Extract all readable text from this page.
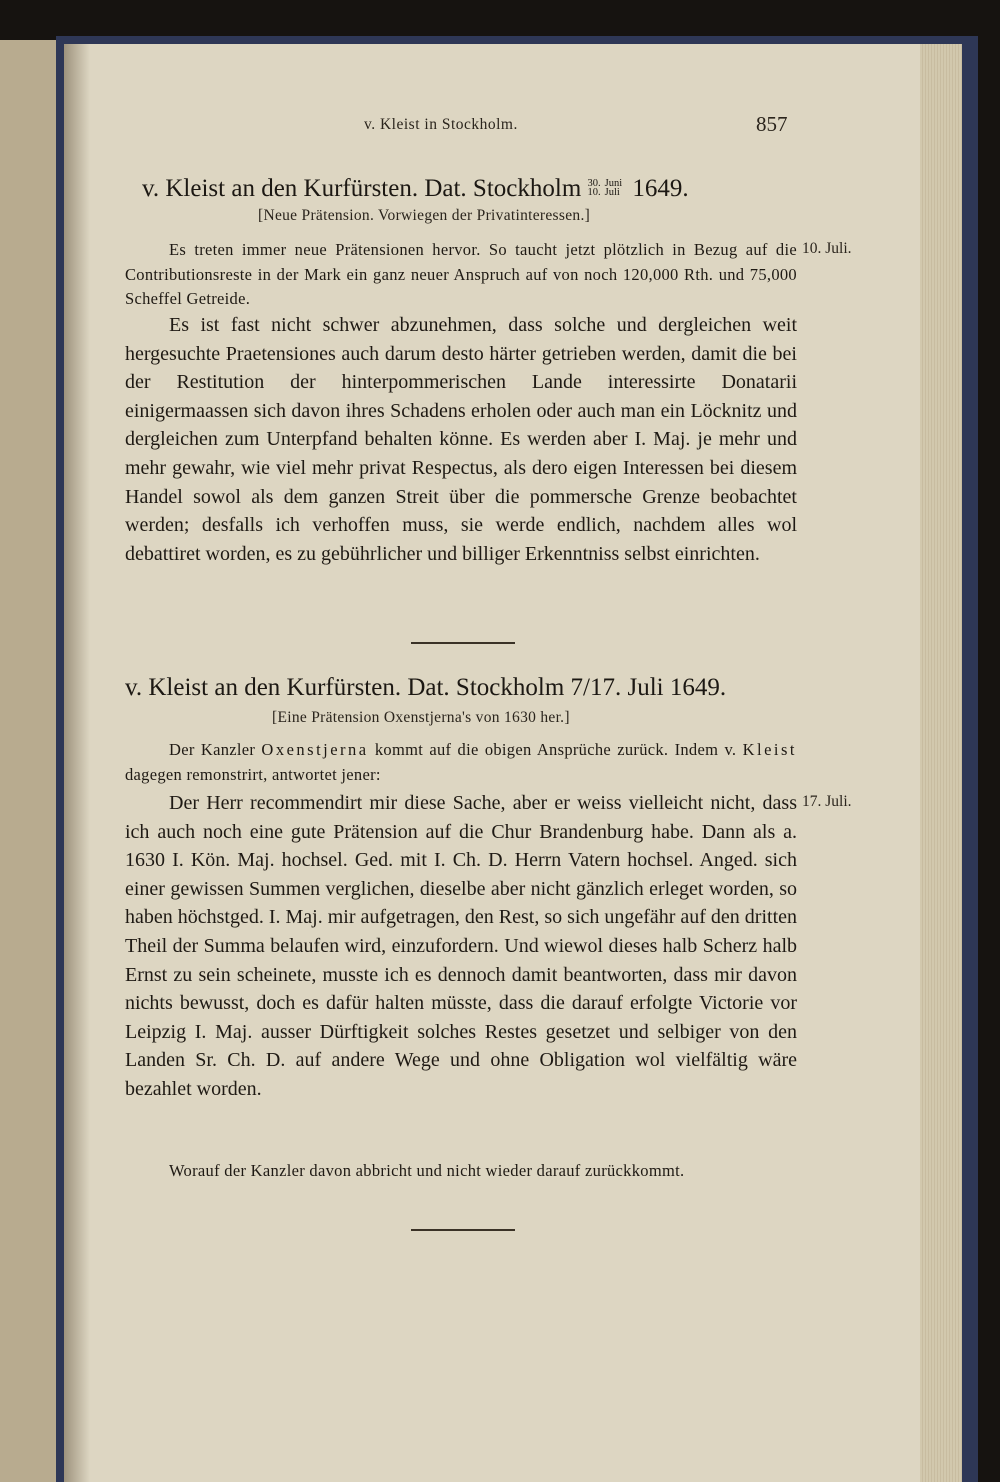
v. Kleist in Stockholm.	857
v. Kleist an den Kurfürsten. Dat. Stockholm 30.
10.
Juni
Juli 1649.
[Neue Prätension. Vorwiegen der Privatinteressen.]

Es treten immer neue Prätensionen hervor. So taucht jetzt plötzlich in Bezug auf die Contributionsreste in der Mark ein ganz neuer Anspruch auf von noch 120,000 Rth. und 75,000 Scheffel Getreide.

10. Juli.

Es ist fast nicht schwer abzunehmen, dass solche und dergleichen weit hergesuchte Praetensiones auch darum desto härter getrieben werden, damit die bei der Restitution der hinterpommerischen Lande interessirte Donatarii einigermaassen sich davon ihres Schadens erholen oder auch man ein Löcknitz und dergleichen zum Unterpfand behalten könne. Es werden aber I. Maj. je mehr und mehr gewahr, wie viel mehr privat Respectus, als dero eigen Interessen bei diesem Handel sowol als dem ganzen Streit über die pommersche Grenze beobachtet werden; desfalls ich verhoffen muss, sie werde endlich, nachdem alles wol debattiret worden, es zu gebührlicher und billiger Erkenntniss selbst einrichten.

v. Kleist an den Kurfürsten. Dat. Stockholm 7/17. Juli 1649.
[Eine Prätension Oxenstjerna's von 1630 her.]

Der Kanzler Oxenstjerna kommt auf die obigen Ansprüche zurück. Indem v. Kleist dagegen remonstrirt, antwortet jener:

17. Juli.

Der Herr recommendirt mir diese Sache, aber er weiss vielleicht nicht, dass ich auch noch eine gute Prätension auf die Chur Brandenburg habe. Dann als a. 1630 I. Kön. Maj. hochsel. Ged. mit I. Ch. D. Herrn Vatern hochsel. Anged. sich einer gewissen Summen verglichen, dieselbe aber nicht gänzlich erleget worden, so haben höchstged. I. Maj. mir aufgetragen, den Rest, so sich ungefähr auf den dritten Theil der Summa belaufen wird, einzufordern. Und wiewol dieses halb Scherz halb Ernst zu sein scheinete, musste ich es dennoch damit beantworten, dass mir davon nichts bewusst, doch es dafür halten müsste, dass die darauf erfolgte Victorie vor Leipzig I. Maj. ausser Dürftigkeit solches Restes gesetzet und selbiger von den Landen Sr. Ch. D. auf andere Wege und ohne Obligation wol vielfältig wäre bezahlet worden.

Worauf der Kanzler davon abbricht und nicht wieder darauf zurückkommt.
